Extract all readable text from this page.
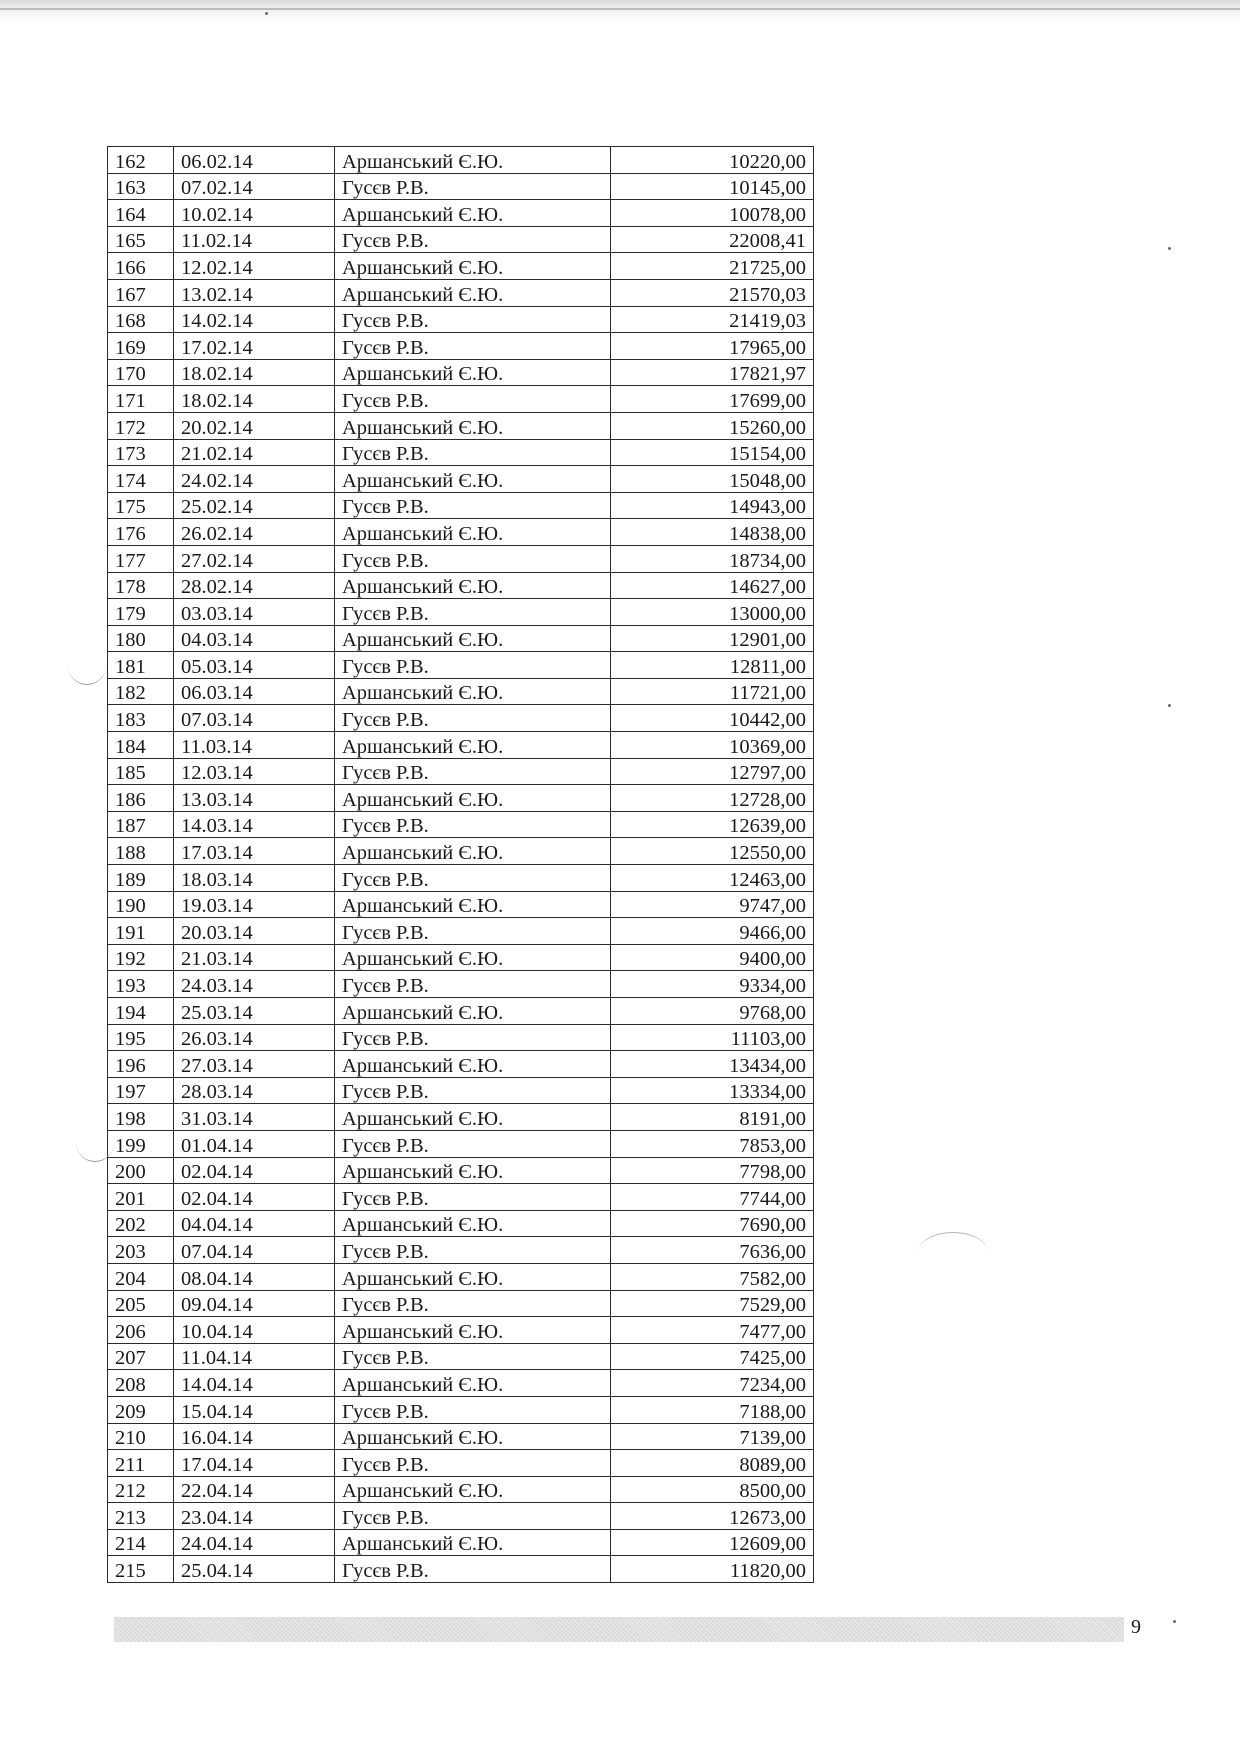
162	06.02.14	Аршанський Є.Ю.	10220,00
163	07.02.14	Гусєв Р.В.	10145,00
164	10.02.14	Аршанський Є.Ю.	10078,00
165	11.02.14	Гусєв Р.В.	22008,41
166	12.02.14	Аршанський Є.Ю.	21725,00
167	13.02.14	Аршанський Є.Ю.	21570,03
168	14.02.14	Гусєв Р.В.	21419,03
169	17.02.14	Гусєв Р.В.	17965,00
170	18.02.14	Аршанський Є.Ю.	17821,97
171	18.02.14	Гусєв Р.В.	17699,00
172	20.02.14	Аршанський Є.Ю.	15260,00
173	21.02.14	Гусєв Р.В.	15154,00
174	24.02.14	Аршанський Є.Ю.	15048,00
175	25.02.14	Гусєв Р.В.	14943,00
176	26.02.14	Аршанський Є.Ю.	14838,00
177	27.02.14	Гусєв Р.В.	18734,00
178	28.02.14	Аршанський Є.Ю.	14627,00
179	03.03.14	Гусєв Р.В.	13000,00
180	04.03.14	Аршанський Є.Ю.	12901,00
181	05.03.14	Гусєв Р.В.	12811,00
182	06.03.14	Аршанський Є.Ю.	11721,00
183	07.03.14	Гусєв Р.В.	10442,00
184	11.03.14	Аршанський Є.Ю.	10369,00
185	12.03.14	Гусєв Р.В.	12797,00
186	13.03.14	Аршанський Є.Ю.	12728,00
187	14.03.14	Гусєв Р.В.	12639,00
188	17.03.14	Аршанський Є.Ю.	12550,00
189	18.03.14	Гусєв Р.В.	12463,00
190	19.03.14	Аршанський Є.Ю.	9747,00
191	20.03.14	Гусєв Р.В.	9466,00
192	21.03.14	Аршанський Є.Ю.	9400,00
193	24.03.14	Гусєв Р.В.	9334,00
194	25.03.14	Аршанський Є.Ю.	9768,00
195	26.03.14	Гусєв Р.В.	11103,00
196	27.03.14	Аршанський Є.Ю.	13434,00
197	28.03.14	Гусєв Р.В.	13334,00
198	31.03.14	Аршанський Є.Ю.	8191,00
199	01.04.14	Гусєв Р.В.	7853,00
200	02.04.14	Аршанський Є.Ю.	7798,00
201	02.04.14	Гусєв Р.В.	7744,00
202	04.04.14	Аршанський Є.Ю.	7690,00
203	07.04.14	Гусєв Р.В.	7636,00
204	08.04.14	Аршанський Є.Ю.	7582,00
205	09.04.14	Гусєв Р.В.	7529,00
206	10.04.14	Аршанський Є.Ю.	7477,00
207	11.04.14	Гусєв Р.В.	7425,00
208	14.04.14	Аршанський Є.Ю.	7234,00
209	15.04.14	Гусєв Р.В.	7188,00
210	16.04.14	Аршанський Є.Ю.	7139,00
211	17.04.14	Гусєв Р.В.	8089,00
212	22.04.14	Аршанський Є.Ю.	8500,00
213	23.04.14	Гусєв Р.В.	12673,00
214	24.04.14	Аршанський Є.Ю.	12609,00
215	25.04.14	Гусєв Р.В.	11820,00
9
